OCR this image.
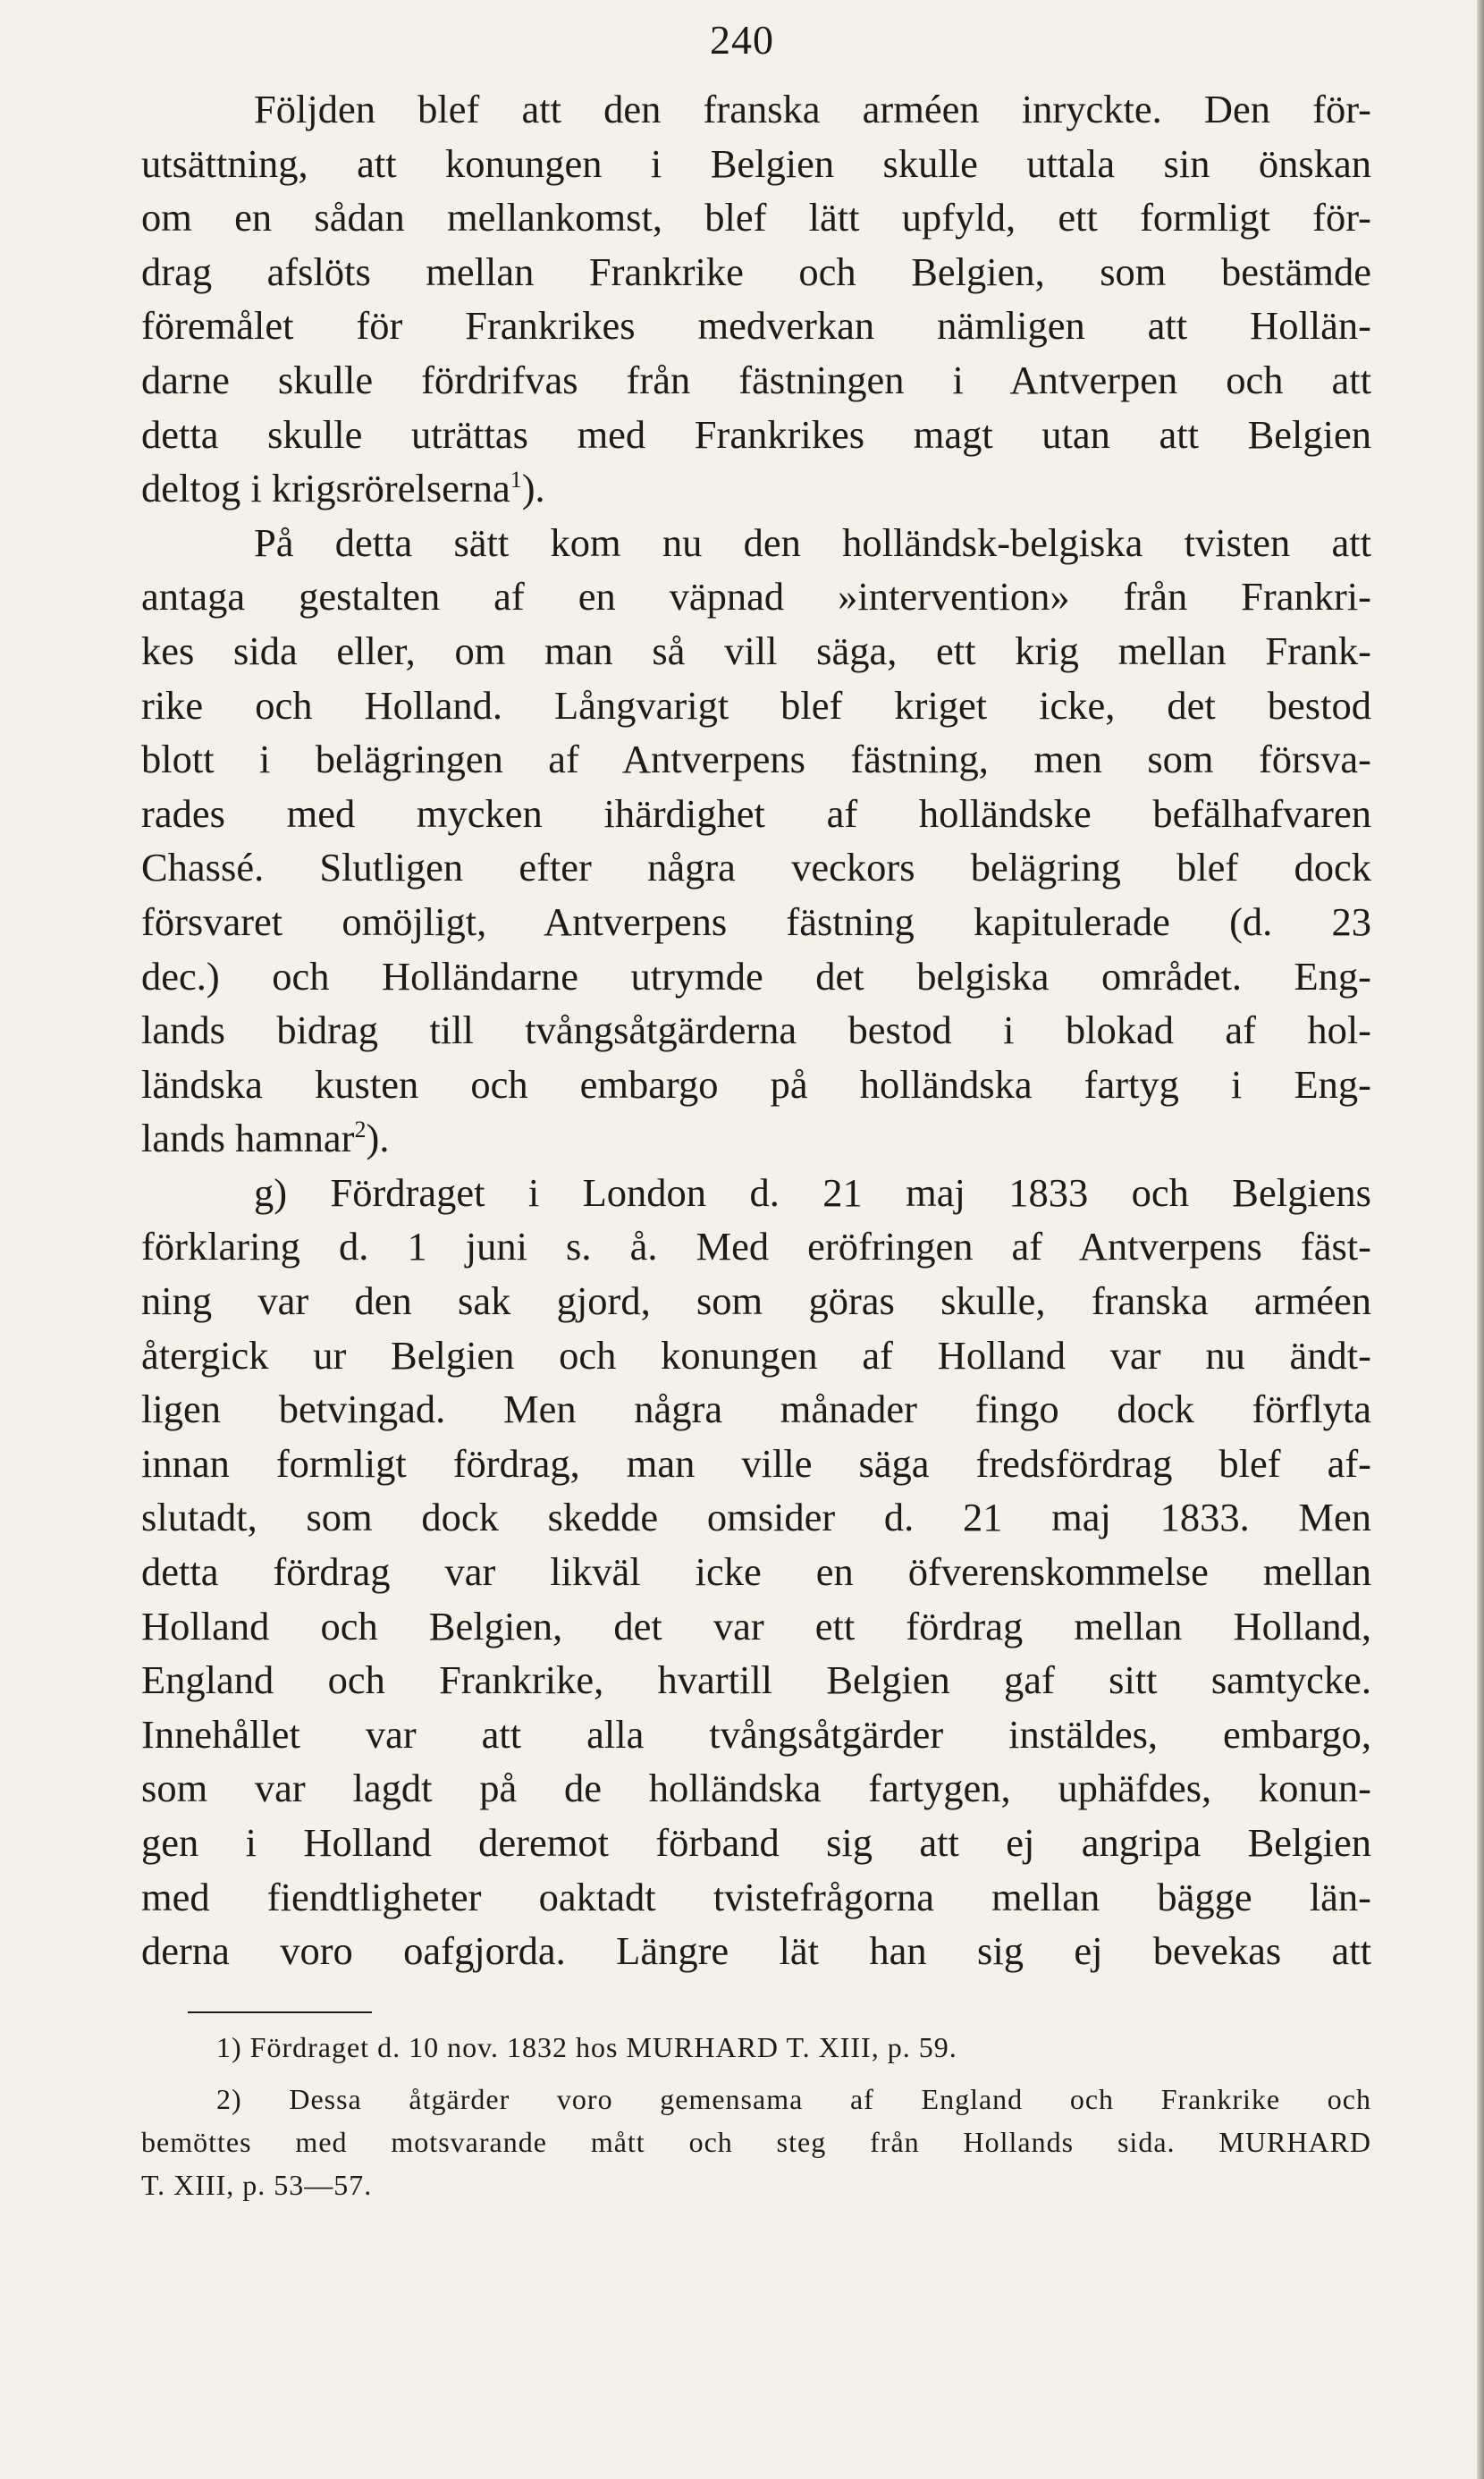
240
Följden blef att den franska arméen inryckte. Den för-
utsättning, att konungen i Belgien skulle uttala sin önskan
om en sådan mellankomst, blef lätt upfyld, ett formligt för-
drag afslöts mellan Frankrike och Belgien, som bestämde
föremålet för Frankrikes medverkan nämligen att Hollän-
darne skulle fördrifvas från fästningen i Antverpen och att
detta skulle uträttas med Frankrikes magt utan att Belgien
deltog i krigsrörelserna$^1$).
På detta sätt kom nu den holländsk-belgiska tvisten att
antaga gestalten af en väpnad »intervention» från Frankri-
kes sida eller, om man så vill säga, ett krig mellan Frank-
rike och Holland. Långvarigt blef kriget icke, det bestod
blott i belägringen af Antverpens fästning, men som försva-
rades med mycken ihärdighet af holländske befälhafvaren
Chassé. Slutligen efter några veckors belägring blef dock
försvaret omöjligt, Antverpens fästning kapitulerade (d. 23
dec.) och Holländarne utrymde det belgiska området. Eng-
lands bidrag till tvångsåtgärderna bestod i blokad af hol-
ländska kusten och embargo på holländska fartyg i Eng-
lands hamnar$^2$).
g) Fördraget i London d. 21 maj 1833 och Belgiens
förklaring d. 1 juni s. å. Med eröfringen af Antverpens fäst-
ning var den sak gjord, som göras skulle, franska arméen
återgick ur Belgien och konungen af Holland var nu ändt-
ligen betvingad. Men några månader fingo dock förflyta
innan formligt fördrag, man ville säga fredsfördrag blef af-
slutadt, som dock skedde omsider d. 21 maj 1833. Men
detta fördrag var likväl icke en öfverenskommelse mellan
Holland och Belgien, det var ett fördrag mellan Holland,
England och Frankrike, hvartill Belgien gaf sitt samtycke.
Innehållet var att alla tvångsåtgärder instäldes, embargo,
som var lagdt på de holländska fartygen, uphäfdes, konun-
gen i Holland deremot förband sig att ej angripa Belgien
med fiendtligheter oaktadt tvistefrågorna mellan bägge län-
derna voro oafgjorda. Längre lät han sig ej bevekas att
1) Fördraget d. 10 nov. 1832 hos MURHARD T. XIII, p. 59.
2) Dessa åtgärder voro gemensama af England och Frankrike och
bemöttes med motsvarande mått och steg från Hollands sida. MURHARD
T. XIII, p. 53—57.
